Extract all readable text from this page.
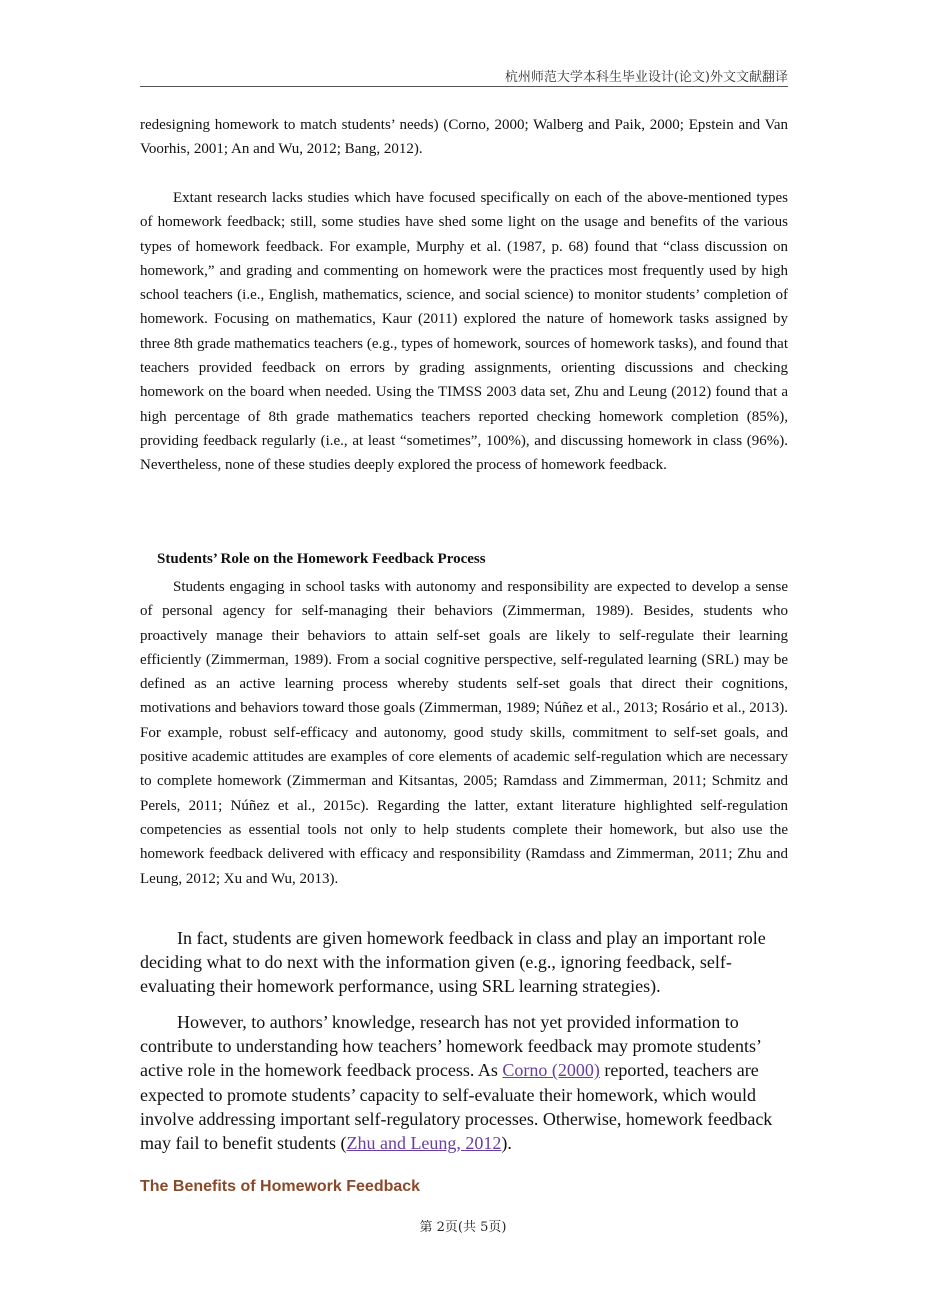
杭州师范大学本科生毕业设计(论文)外文文献翻译

redesigning homework to match students’ needs) (Corno, 2000; Walberg and Paik, 2000; Epstein and Van Voorhis, 2001; An and Wu, 2012; Bang, 2012).

Extant research lacks studies which have focused specifically on each of the above-mentioned types of homework feedback; still, some studies have shed some light on the usage and benefits of the various types of homework feedback. For example, Murphy et al. (1987, p. 68) found that “class discussion on homework,” and grading and commenting on homework were the practices most frequently used by high school teachers (i.e., English, mathematics, science, and social science) to monitor students’ completion of homework. Focusing on mathematics, Kaur (2011) explored the nature of homework tasks assigned by three 8th grade mathematics teachers (e.g., types of homework, sources of homework tasks), and found that teachers provided feedback on errors by grading assignments, orienting discussions and checking homework on the board when needed. Using the TIMSS 2003 data set, Zhu and Leung (2012) found that a high percentage of 8th grade mathematics teachers reported checking homework completion (85%), providing feedback regularly (i.e., at least “sometimes”, 100%), and discussing homework in class (96%). Nevertheless, none of these studies deeply explored the process of homework feedback.

Students’ Role on the Homework Feedback Process

Students engaging in school tasks with autonomy and responsibility are expected to develop a sense of personal agency for self-managing their behaviors (Zimmerman, 1989). Besides, students who proactively manage their behaviors to attain self-set goals are likely to self-regulate their learning efficiently (Zimmerman, 1989). From a social cognitive perspective, self-regulated learning (SRL) may be defined as an active learning process whereby students self-set goals that direct their cognitions, motivations and behaviors toward those goals (Zimmerman, 1989; Núñez et al., 2013; Rosário et al., 2013). For example, robust self-efficacy and autonomy, good study skills, commitment to self-set goals, and positive academic attitudes are examples of core elements of academic self-regulation which are necessary to complete homework (Zimmerman and Kitsantas, 2005; Ramdass and Zimmerman, 2011; Schmitz and Perels, 2011; Núñez et al., 2015c). Regarding the latter, extant literature highlighted self-regulation competencies as essential tools not only to help students complete their homework, but also use the homework feedback delivered with efficacy and responsibility (Ramdass and Zimmerman, 2011; Zhu and Leung, 2012; Xu and Wu, 2013).

In fact, students are given homework feedback in class and play an important role deciding what to do next with the information given (e.g., ignoring feedback, self-evaluating their homework performance, using SRL learning strategies).

However, to authors’ knowledge, research has not yet provided information to contribute to understanding how teachers’ homework feedback may promote students’ active role in the homework feedback process. As Corno (2000) reported, teachers are expected to promote students’ capacity to self-evaluate their homework, which would involve addressing important self-regulatory processes. Otherwise, homework feedback may fail to benefit students (Zhu and Leung, 2012).

The Benefits of Homework Feedback
第 2页(共 5页)
